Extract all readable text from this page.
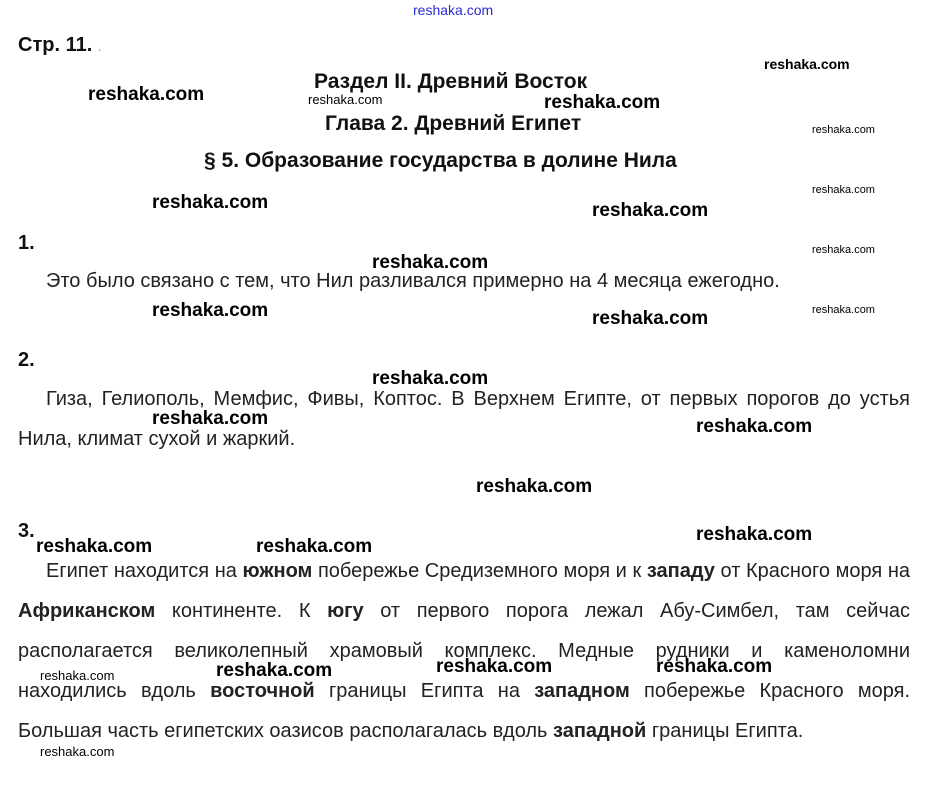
reshaka.com
Стр. 11. .
Раздел II. Древний Восток
Глава 2. Древний Египет
§ 5. Образование государства в долине Нила
1.
Это было связано с тем, что Нил разливался примерно на 4 месяца ежегодно.
2.
Гиза, Гелиополь, Мемфис, Фивы, Коптос. В Верхнем Египте, от первых порогов до устья Нила, климат сухой и жаркий.
3.
Египет находится на южном побережье Средиземного моря и к западу от Красного моря на Африканском континенте. К югу от первого порога лежал Абу-Симбел, там сейчас располагается великолепный храмовый комплекс. Медные рудники и каменоломни находились вдоль восточной границы Египта на западном побережье Красного моря. Большая часть египетских оазисов располагалась вдоль западной границы Египта.
reshaka.com	reshaka.com	reshaka.com
reshaka.com
reshaka.com
reshaka.com
reshaka.com	reshaka.com
reshaka.com
reshaka.com
reshaka.com	reshaka.com
reshaka.com
reshaka.com
reshaka.com	reshaka.com
reshaka.com
reshaka.com
reshaka.com	reshaka.com
reshaka.com	reshaka.com
reshaka.com
reshaka.com
reshaka.com
